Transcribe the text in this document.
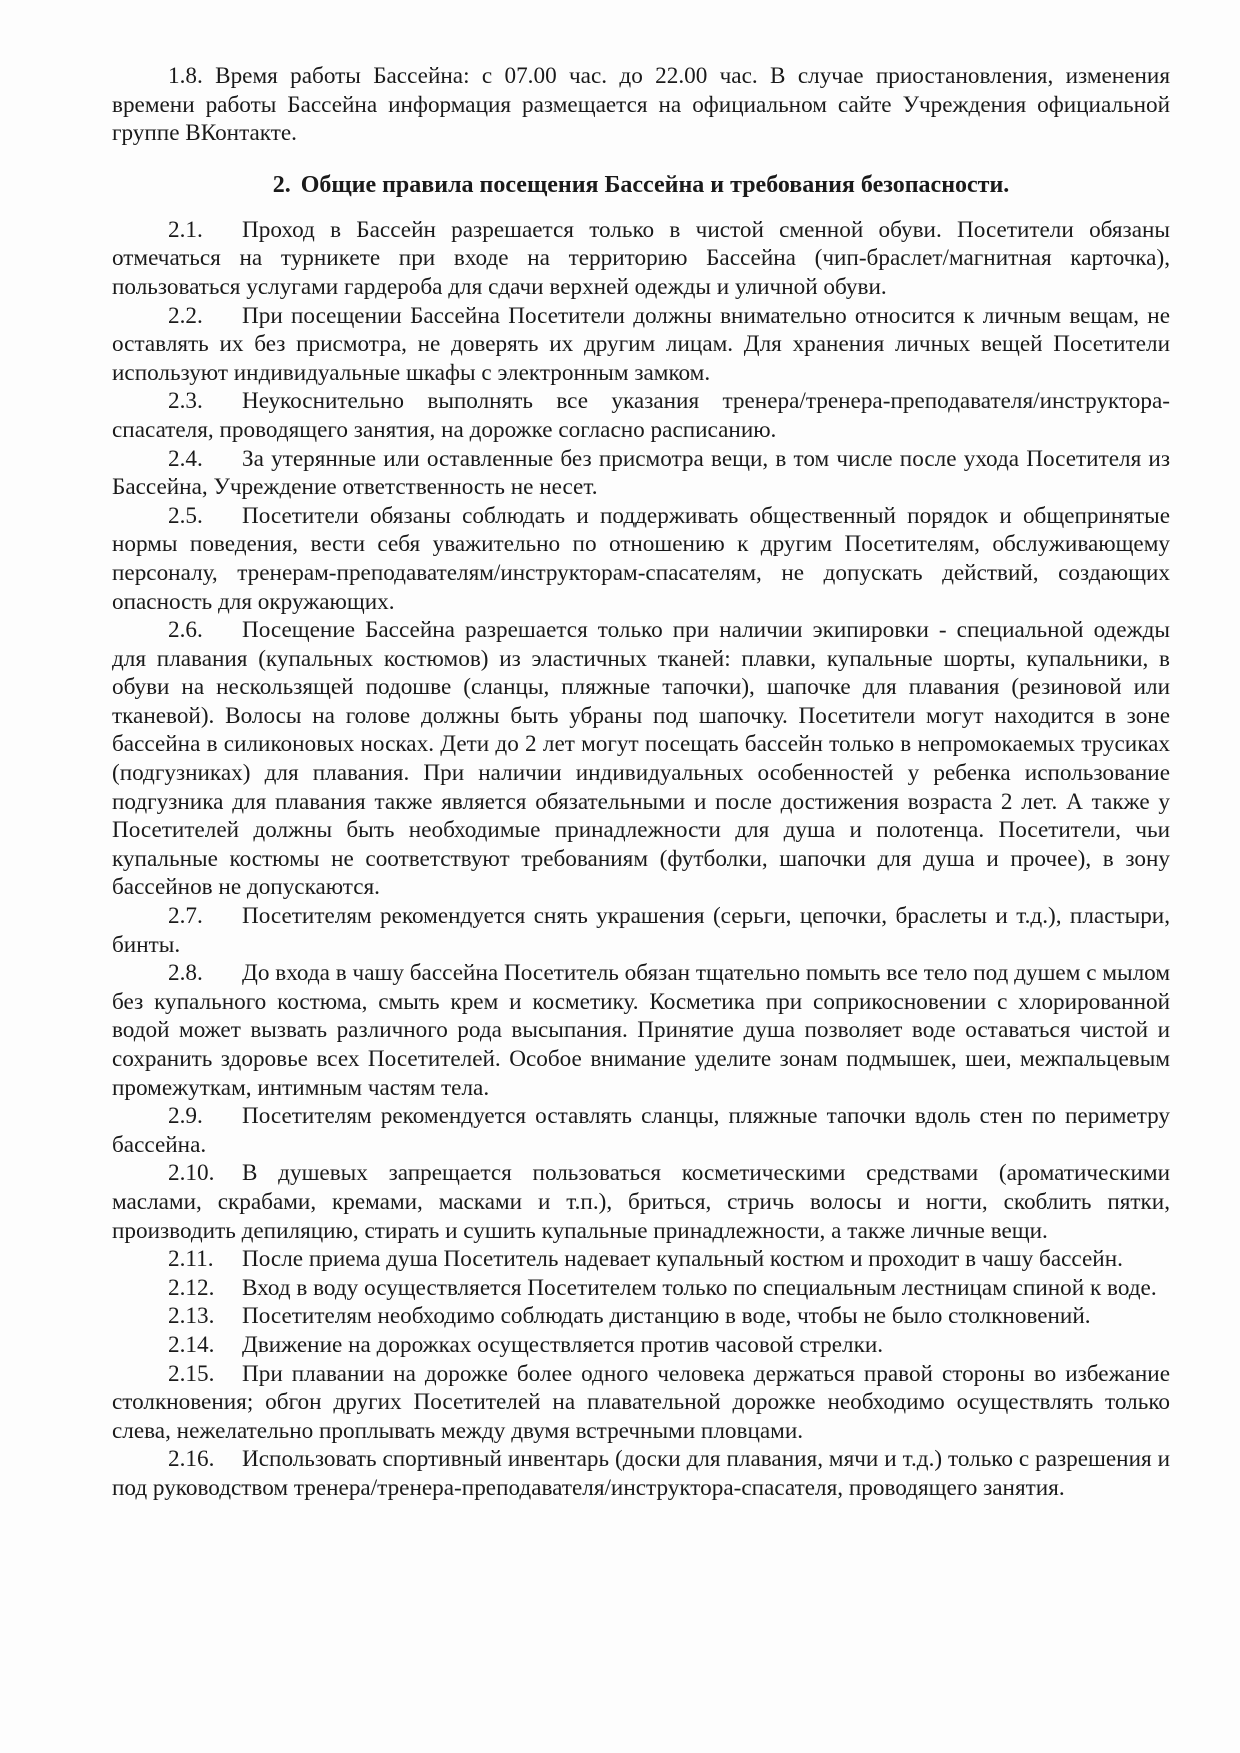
1.8. Время работы Бассейна: с 07.00 час. до 22.00 час. В случае приостановления, изменения времени работы Бассейна информация размещается на официальном сайте Учреждения официальной группе ВКонтакте.

2. Общие правила посещения Бассейна и требования безопасности.

2.1. Проход в Бассейн разрешается только в чистой сменной обуви. Посетители обязаны отмечаться на турникете при входе на территорию Бассейна (чип-браслет/магнитная карточка), пользоваться услугами гардероба для сдачи верхней одежды и уличной обуви.

2.2. При посещении Бассейна Посетители должны внимательно относится к личным вещам, не оставлять их без присмотра, не доверять их другим лицам. Для хранения личных вещей Посетители используют индивидуальные шкафы с электронным замком.

2.3. Неукоснительно выполнять все указания тренера/тренера-преподавателя/инструктора-спасателя, проводящего занятия, на дорожке согласно расписанию.

2.4. За утерянные или оставленные без присмотра вещи, в том числе после ухода Посетителя из Бассейна, Учреждение ответственность не несет.

2.5. Посетители обязаны соблюдать и поддерживать общественный порядок и общепринятые нормы поведения, вести себя уважительно по отношению к другим Посетителям, обслуживающему персоналу, тренерам-преподавателям/инструкторам-спасателям, не допускать действий, создающих опасность для окружающих.

2.6. Посещение Бассейна разрешается только при наличии экипировки - специальной одежды для плавания (купальных костюмов) из эластичных тканей: плавки, купальные шорты, купальники, в обуви на нескользящей подошве (сланцы, пляжные тапочки), шапочке для плавания (резиновой или тканевой). Волосы на голове должны быть убраны под шапочку. Посетители могут находится в зоне бассейна в силиконовых носках. Дети до 2 лет могут посещать бассейн только в непромокаемых трусиках (подгузниках) для плавания. При наличии индивидуальных особенностей у ребенка использование подгузника для плавания также является обязательными и после достижения возраста 2 лет. А также у Посетителей должны быть необходимые принадлежности для душа и полотенца. Посетители, чьи купальные костюмы не соответствуют требованиям (футболки, шапочки для душа и прочее), в зону бассейнов не допускаются.

2.7. Посетителям рекомендуется снять украшения (серьги, цепочки, браслеты и т.д.), пластыри, бинты.

2.8. До входа в чашу бассейна Посетитель обязан тщательно помыть все тело под душем с мылом без купального костюма, смыть крем и косметику. Косметика при соприкосновении с хлорированной водой может вызвать различного рода высыпания. Принятие душа позволяет воде оставаться чистой и сохранить здоровье всех Посетителей. Особое внимание уделите зонам подмышек, шеи, межпальцевым промежуткам, интимным частям тела.

2.9. Посетителям рекомендуется оставлять сланцы, пляжные тапочки вдоль стен по периметру бассейна.

2.10. В душевых запрещается пользоваться косметическими средствами (ароматическими маслами, скрабами, кремами, масками и т.п.), бриться, стричь волосы и ногти, скоблить пятки, производить депиляцию, стирать и сушить купальные принадлежности, а также личные вещи.

2.11. После приема душа Посетитель надевает купальный костюм и проходит в чашу бассейн.

2.12. Вход в воду осуществляется Посетителем только по специальным лестницам спиной к воде.

2.13. Посетителям необходимо соблюдать дистанцию в воде, чтобы не было столкновений.

2.14. Движение на дорожках осуществляется против часовой стрелки.

2.15. При плавании на дорожке более одного человека держаться правой стороны во избежание столкновения; обгон других Посетителей на плавательной дорожке необходимо осуществлять только слева, нежелательно проплывать между двумя встречными пловцами.

2.16. Использовать спортивный инвентарь (доски для плавания, мячи и т.д.) только с разрешения и под руководством тренера/тренера-преподавателя/инструктора-спасателя, проводящего занятия.
